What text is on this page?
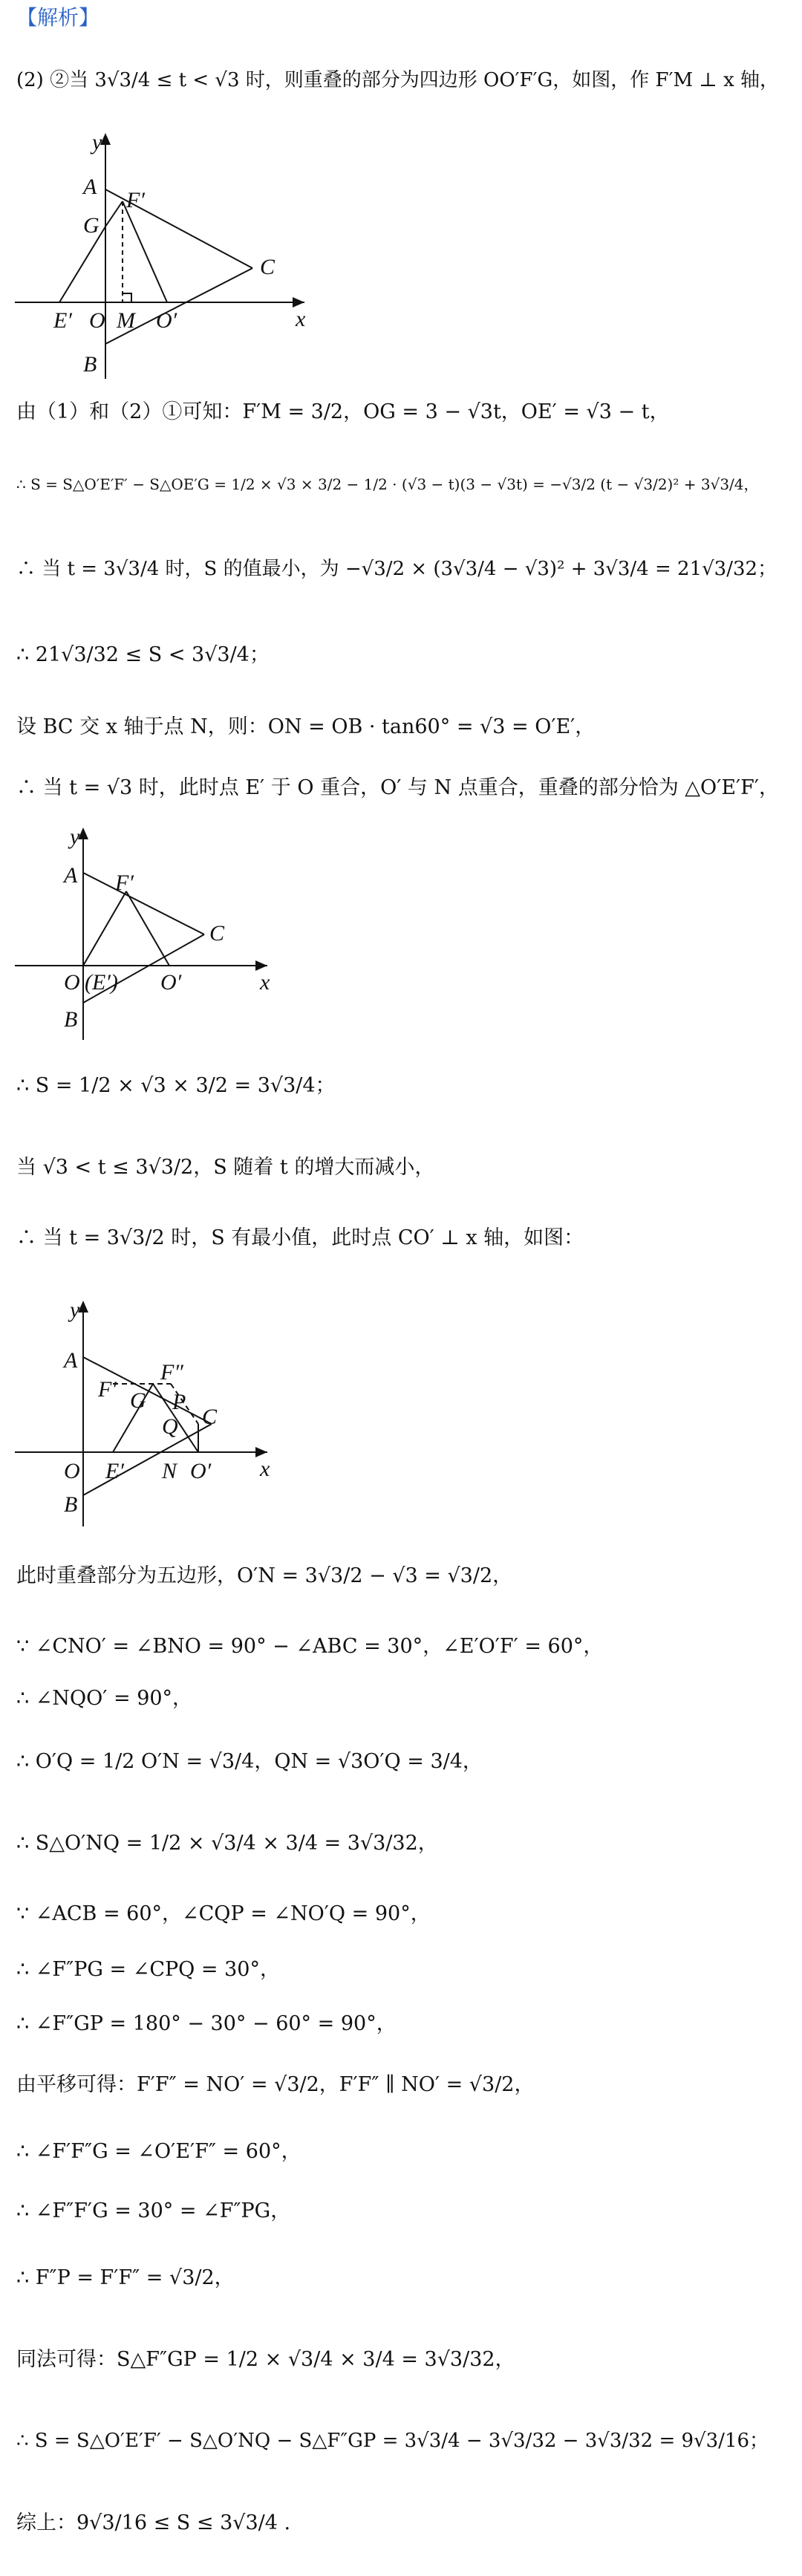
【解析】
(2) ②当 3√3/4 ≤ t < √3 时，则重叠的部分为四边形 OO′F′G，如图，作 F′M ⊥ x 轴，
y
A
F′
G
C
E′ O M O′	x
B
由（1）和（2）①可知：F′M = 3/2，OG = 3 − √3t，OE′ = √3 − t，
∴ S = S△O′E′F′ − S△OE′G = 1/2 × √3 × 3/2 − 1/2 · (√3 − t)(3 − √3t) = −√3/2 (t − √3/2)² + 3√3/4，
∴ 当 t = 3√3/4 时，S 的值最小，为 −√3/2 × (3√3/4 − √3)² + 3√3/4 = 21√3/32；
∴ 21√3/32 ≤ S < 3√3/4；
设 BC 交 x 轴于点 N，则：ON = OB · tan60° = √3 = O′E′，
∴ 当 t = √3 时，此时点 E′ 于 O 重合，O′ 与 N 点重合，重叠的部分恰为 △O′E′F′，
y
A F′
C
O (E′) O′	x
B
∴ S = 1/2 × √3 × 3/2 = 3√3/4；
当 √3 < t ≤ 3√3/2，S 随着 t 的增大而减小，
∴ 当 t = 3√3/2 时，S 有最小值，此时点 CO′ ⊥ x 轴，如图：
y
A	F″
F′ G P
C
Q
O E′ N O′ x
B
此时重叠部分为五边形，O′N = 3√3/2 − √3 = √3/2，
∵ ∠CNO′ = ∠BNO = 90° − ∠ABC = 30°，∠E′O′F′ = 60°，
∴ ∠NQO′ = 90°，
∴ O′Q = 1/2 O′N = √3/4，QN = √3O′Q = 3/4，
∴ S△O′NQ = 1/2 × √3/4 × 3/4 = 3√3/32，
∵ ∠ACB = 60°，∠CQP = ∠NO′Q = 90°，
∴ ∠F″PG = ∠CPQ = 30°，
∴ ∠F″GP = 180° − 30° − 60° = 90°，
由平移可得：F′F″ = NO′ = √3/2，F′F″ ∥ NO′ = √3/2，
∴ ∠F′F″G = ∠O′E′F″ = 60°，
∴ ∠F″F′G = 30° = ∠F″PG，
∴ F″P = F′F″ = √3/2，
同法可得：S△F″GP = 1/2 × √3/4 × 3/4 = 3√3/32，
∴ S = S△O′E′F′ − S△O′NQ − S△F″GP = 3√3/4 − 3√3/32 − 3√3/32 = 9√3/16；
综上：9√3/16 ≤ S ≤ 3√3/4 .
